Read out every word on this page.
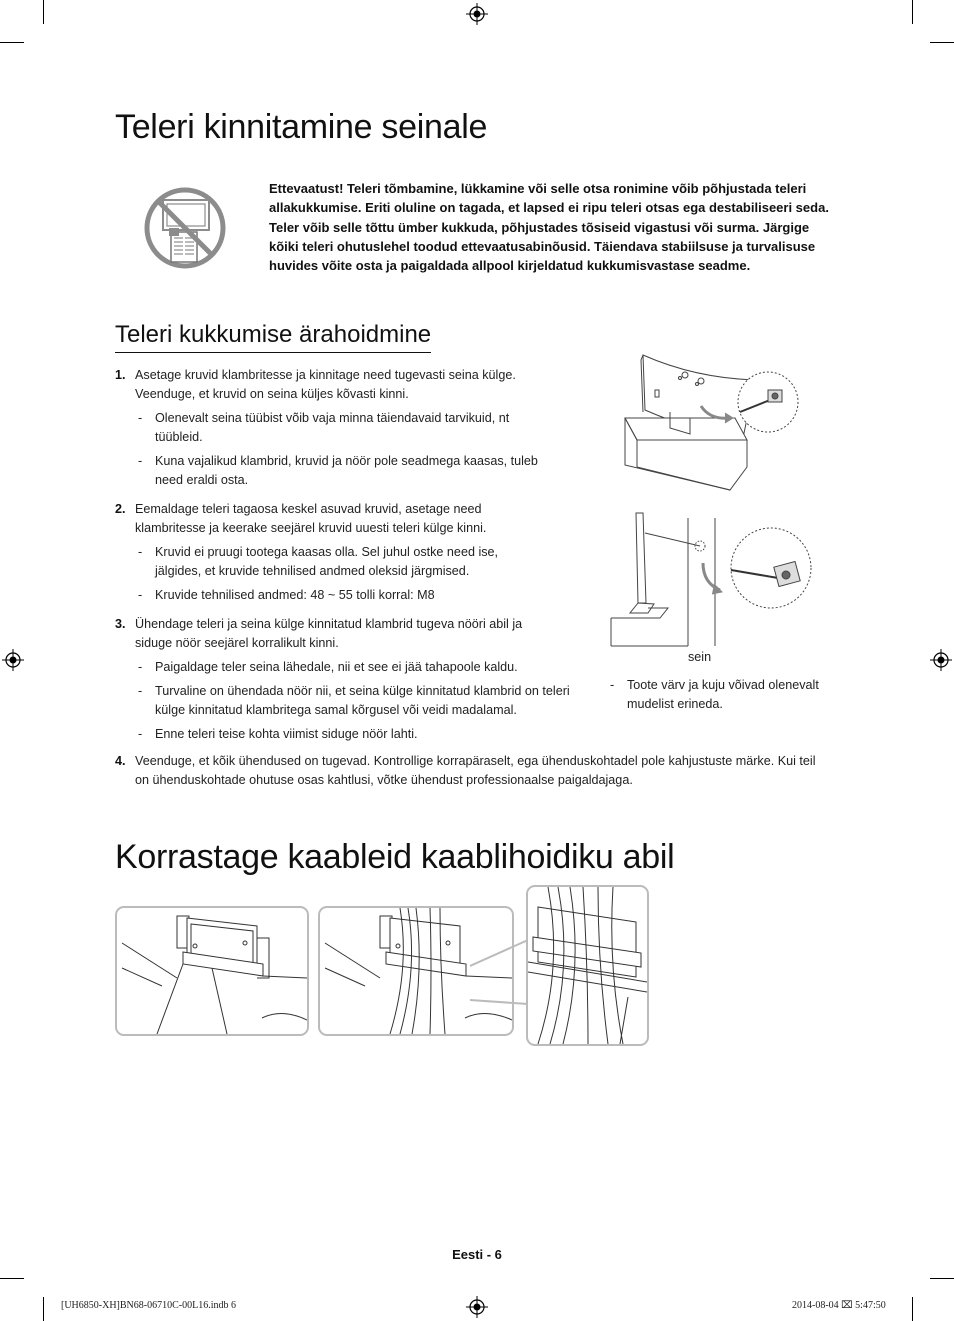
Teleri kinnitamine seinale
Ettevaatust! Teleri tõmbamine, lükkamine või selle otsa ronimine võib põhjustada teleri allakukkumise. Eriti oluline on tagada, et lapsed ei ripu teleri otsas ega destabiliseeri seda. Teler võib selle tõttu ümber kukkuda, põhjustades tõsiseid vigastusi või surma. Järgige kõiki teleri ohutuslehel toodud ettevaatusabinõusid. Täiendava stabiilsuse ja turvalisuse huvides võite osta ja paigaldada allpool kirjeldatud kukkumisvastase seadme.
Teleri kukkumise ärahoidmine
1. Asetage kruvid klambritesse ja kinnitage need tugevasti seina külge.
Veenduge, et kruvid on seina küljes kõvasti kinni.
- Olenevalt seina tüübist võib vaja minna täiendavaid tarvikuid, nt
tüübleid.
- Kuna vajalikud klambrid, kruvid ja nöör pole seadmega kaasas, tuleb
need eraldi osta.
2. Eemaldage teleri tagaosa keskel asuvad kruvid, asetage need
klambritesse ja keerake seejärel kruvid uuesti teleri külge kinni.
- Kruvid ei pruugi tootega kaasas olla. Sel juhul ostke need ise,
jälgides, et kruvide tehnilised andmed oleksid järgmised.
- Kruvide tehnilised andmed: 48 ~ 55 tolli korral: M8
3. Ühendage teleri ja seina külge kinnitatud klambrid tugeva nööri abil ja
siduge nöör seejärel korralikult kinni.
- Paigaldage teler seina lähedale, nii et see ei jää tahapoole kaldu.
- Turvaline on ühendada nöör nii, et seina külge kinnitatud klambrid on teleri
külge kinnitatud klambritega samal kõrgusel või veidi madalamal.
- Enne teleri teise kohta viimist siduge nöör lahti.
4. Veenduge, et kõik ühendused on tugevad. Kontrollige korrapäraselt, ega ühenduskohtadel pole kahjustuste märke. Kui teil
on ühenduskohtade ohutuse osas kahtlusi, võtke ühendust professionaalse paigaldajaga.
sein
- Toote värv ja kuju võivad olenevalt
mudelist erineda.
Korrastage kaableid kaablihoidiku abil
Eesti - 6
[UH6850-XH]BN68-06710C-00L16.indb 6	2014-08-04 ⌧ 5:47:50
